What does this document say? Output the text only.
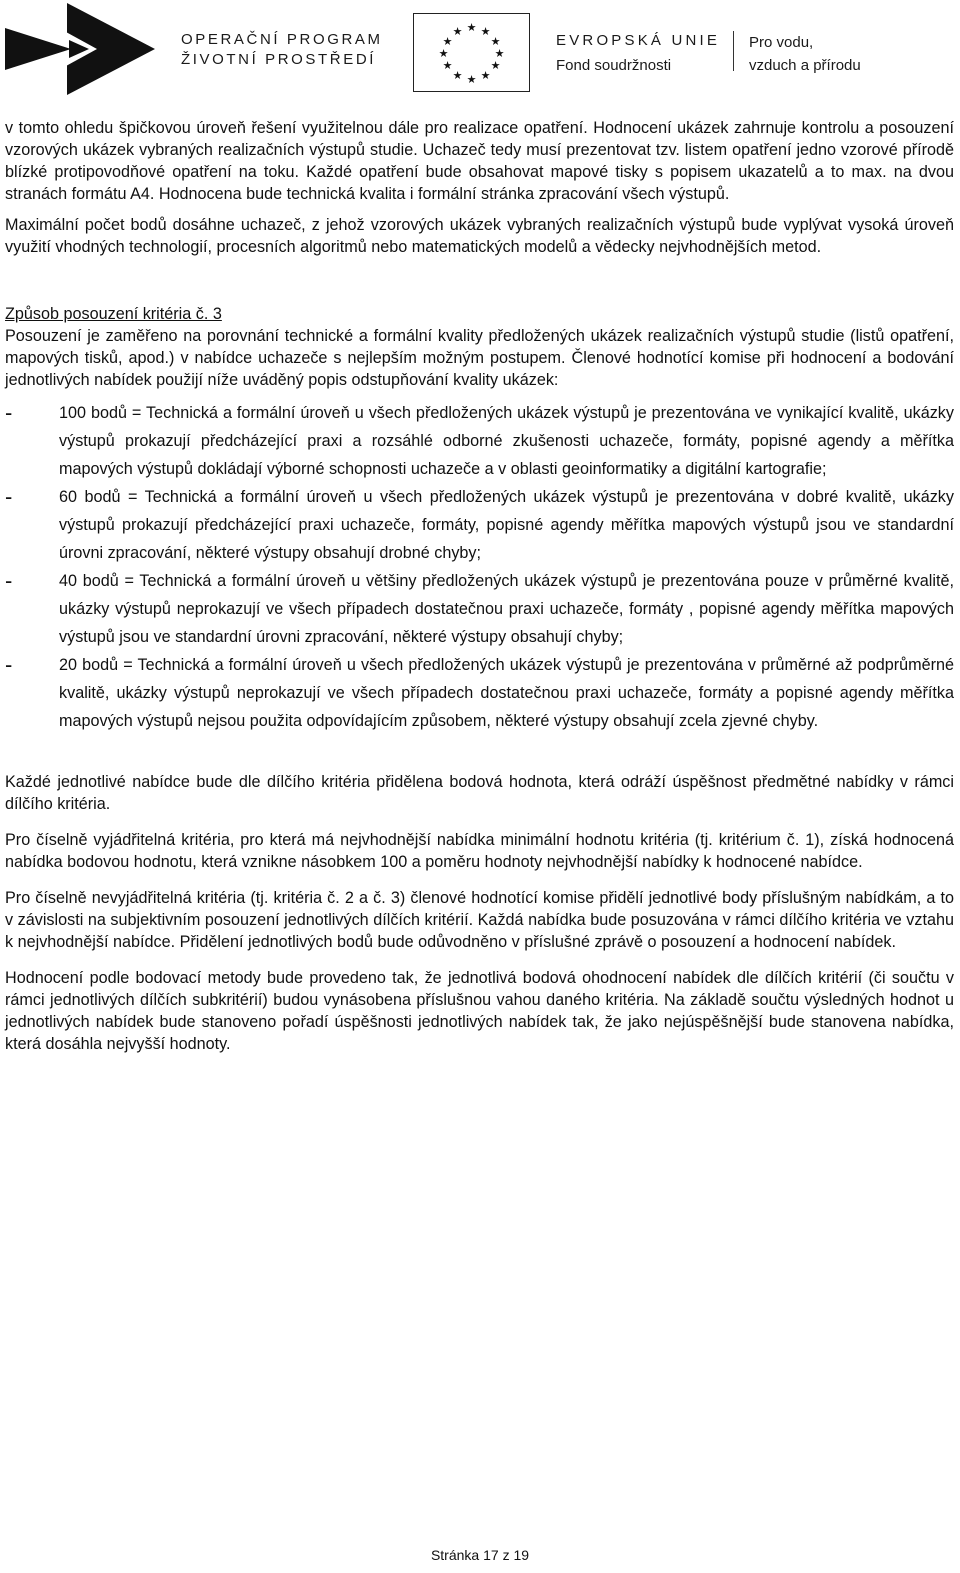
OPERAČNÍ PROGRAM
ŽIVOTNÍ PROSTŘEDÍ
★ ★
★
★
★
★
★
★
★
★
★
★
EVROPSKÁ UNIE
Fond soudržnosti
Pro vodu,
vzduch a přírodu

v tomto ohledu špičkovou úroveň řešení využitelnou dále pro realizace opatření. Hodnocení ukázek zahrnuje kontrolu a posouzení vzorových ukázek vybraných realizačních výstupů studie. Uchazeč tedy musí prezentovat tzv. listem opatření jedno vzorové přírodě blízké protipovodňové opatření na toku. Každé opatření bude obsahovat mapové tisky s popisem ukazatelů a to max. na dvou stranách formátu A4. Hodnocena bude technická kvalita i formální stránka zpracování všech výstupů.

Maximální počet bodů dosáhne uchazeč, z jehož vzorových ukázek vybraných realizačních výstupů bude vyplývat vysoká úroveň využití vhodných technologií, procesních algoritmů nebo matematických modelů a vědecky nejvhodnějších metod.

Způsob posouzení kritéria č. 3

Posouzení je zaměřeno na porovnání technické a formální kvality předložených ukázek realizačních výstupů studie (listů opatření, mapových tisků, apod.) v nabídce uchazeče s nejlepším možným postupem. Členové hodnotící komise při hodnocení a bodování jednotlivých nabídek použijí níže uváděný popis odstupňování kvality ukázek:

-	100 bodů = Technická a formální úroveň u všech předložených ukázek výstupů je prezentována ve vynikající kvalitě, ukázky výstupů prokazují předcházející praxi a rozsáhlé odborné zkušenosti uchazeče, formáty, popisné agendy a měřítka mapových výstupů dokládají výborné schopnosti uchazeče a v oblasti geoinformatiky a digitální kartografie;
-	60 bodů = Technická a formální úroveň u všech předložených ukázek výstupů je prezentována v dobré kvalitě, ukázky výstupů prokazují předcházející praxi uchazeče, formáty, popisné agendy měřítka mapových výstupů jsou ve standardní úrovni zpracování, některé výstupy obsahují drobné chyby;
-	40 bodů = Technická a formální úroveň u většiny předložených ukázek výstupů je prezentována pouze v průměrné kvalitě, ukázky výstupů neprokazují ve všech případech dostatečnou praxi uchazeče, formáty , popisné agendy měřítka mapových výstupů jsou ve standardní úrovni zpracování, některé výstupy obsahují chyby;
-	20 bodů = Technická a formální úroveň u všech předložených ukázek výstupů je prezentována v průměrné až podprůměrné kvalitě, ukázky výstupů neprokazují ve všech případech dostatečnou praxi uchazeče, formáty a popisné agendy měřítka mapových výstupů nejsou použita odpovídajícím způsobem, některé výstupy obsahují zcela zjevné chyby.

Každé jednotlivé nabídce bude dle dílčího kritéria přidělena bodová hodnota, která odráží úspěšnost předmětné nabídky v rámci dílčího kritéria.

Pro číselně vyjádřitelná kritéria, pro která má nejvhodnější nabídka minimální hodnotu kritéria (tj. kritérium č. 1), získá hodnocená nabídka bodovou hodnotu, která vznikne násobkem 100 a poměru hodnoty nejvhodnější nabídky k hodnocené nabídce.

Pro číselně nevyjádřitelná kritéria (tj. kritéria č. 2 a č. 3) členové hodnotící komise přidělí jednotlivé body příslušným nabídkám, a to v závislosti na subjektivním posouzení jednotlivých dílčích kritérií. Každá nabídka bude posuzována v rámci dílčího kritéria ve vztahu k nejvhodnější nabídce. Přidělení jednotlivých bodů bude odůvodněno v příslušné zprávě o posouzení a hodnocení nabídek.

Hodnocení podle bodovací metody bude provedeno tak, že jednotlivá bodová ohodnocení nabídek dle dílčích kritérií (či součtu v rámci jednotlivých dílčích subkritérií) budou vynásobena příslušnou vahou daného kritéria. Na základě součtu výsledných hodnot u jednotlivých nabídek bude stanoveno pořadí úspěšnosti jednotlivých nabídek tak, že jako nejúspěšnější bude stanovena nabídka, která dosáhla nejvyšší hodnoty.

Stránka 17 z 19
